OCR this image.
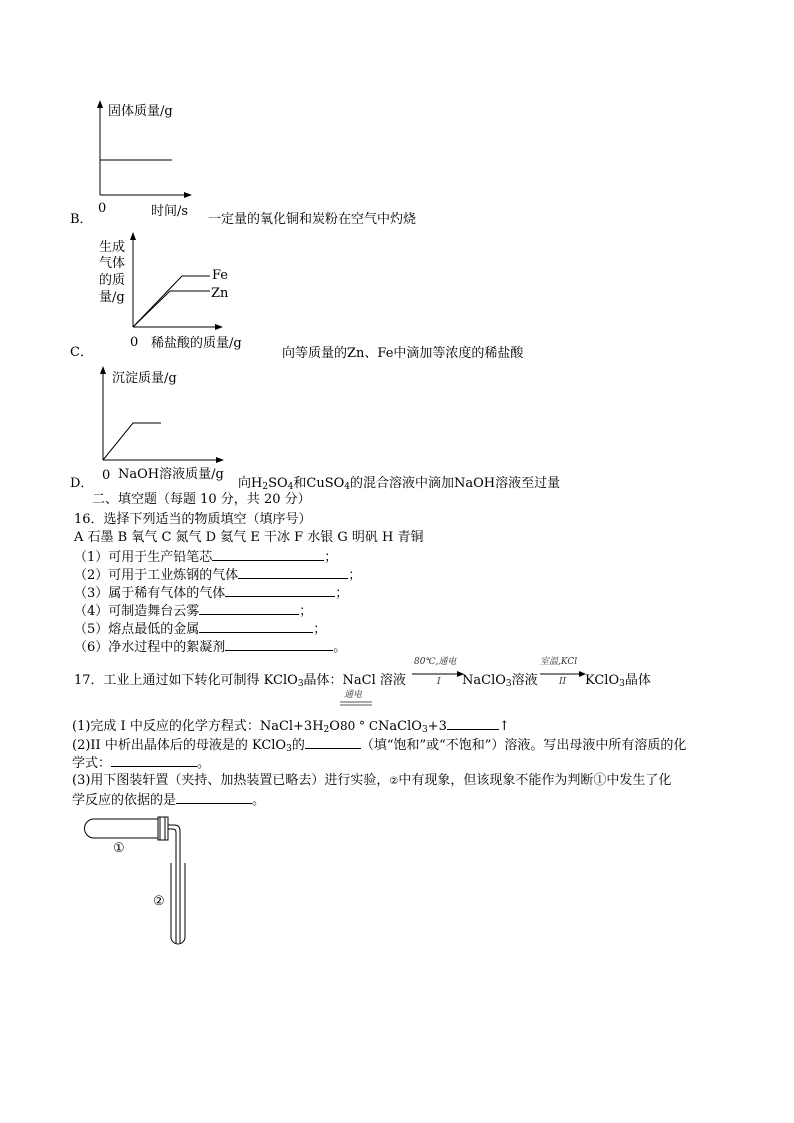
固体质量/g
0	时间/s
B．	一定量的氧化铜和炭粉在空气中灼烧
生成
气体
的质
量/g
Fe
Zn
0 稀盐酸的质量/g
C．	向等质量的Zn、Fe中滴加等浓度的稀盐酸
沉淀质量/g
0 NaOH溶液质量/g
D．	向$H_2SO_4$和CuSO$_4$的混合溶液中滴加NaOH溶液至过量
二、填空题（每题 10 分，共 20 分）
16．选择下列适当的物质填空（填序号）
A 石墨 B 氧气 C 氮气 D 氦气 E 干冰 F 水银 G 明矾 H 青铜
（1）可用于生产铅笔芯	；
（2）可用于工业炼钢的气体	；
（3）属于稀有气体的气体	；
（4）可制造舞台云雾	；
（5）熔点最低的金属	；
（6）净水过程中的絮凝剂	。
17．工业上通过如下转化可制得 KClO$_3$晶体：NaCl 溶液
80℃,通电
I NaClO$_3$溶液
室温,KCl
II KClO$_3$晶体
通电
(1)完成 I 中反应的化学方程式：$NaCl+3H_2O80$ ° CNaClO$_3$+3	↑
(2)II 中析出晶体后的母液是的 KClO$_3$的	（填“饱和”或“不饱和”）溶液。写出母液中所有溶质的化
学式：	。
(3)用下图装轩置（夹持、加热装置已略去）进行实验，②中有现象，但该现象不能作为判断①中发生了化
学反应的依据的是	。
①
②
